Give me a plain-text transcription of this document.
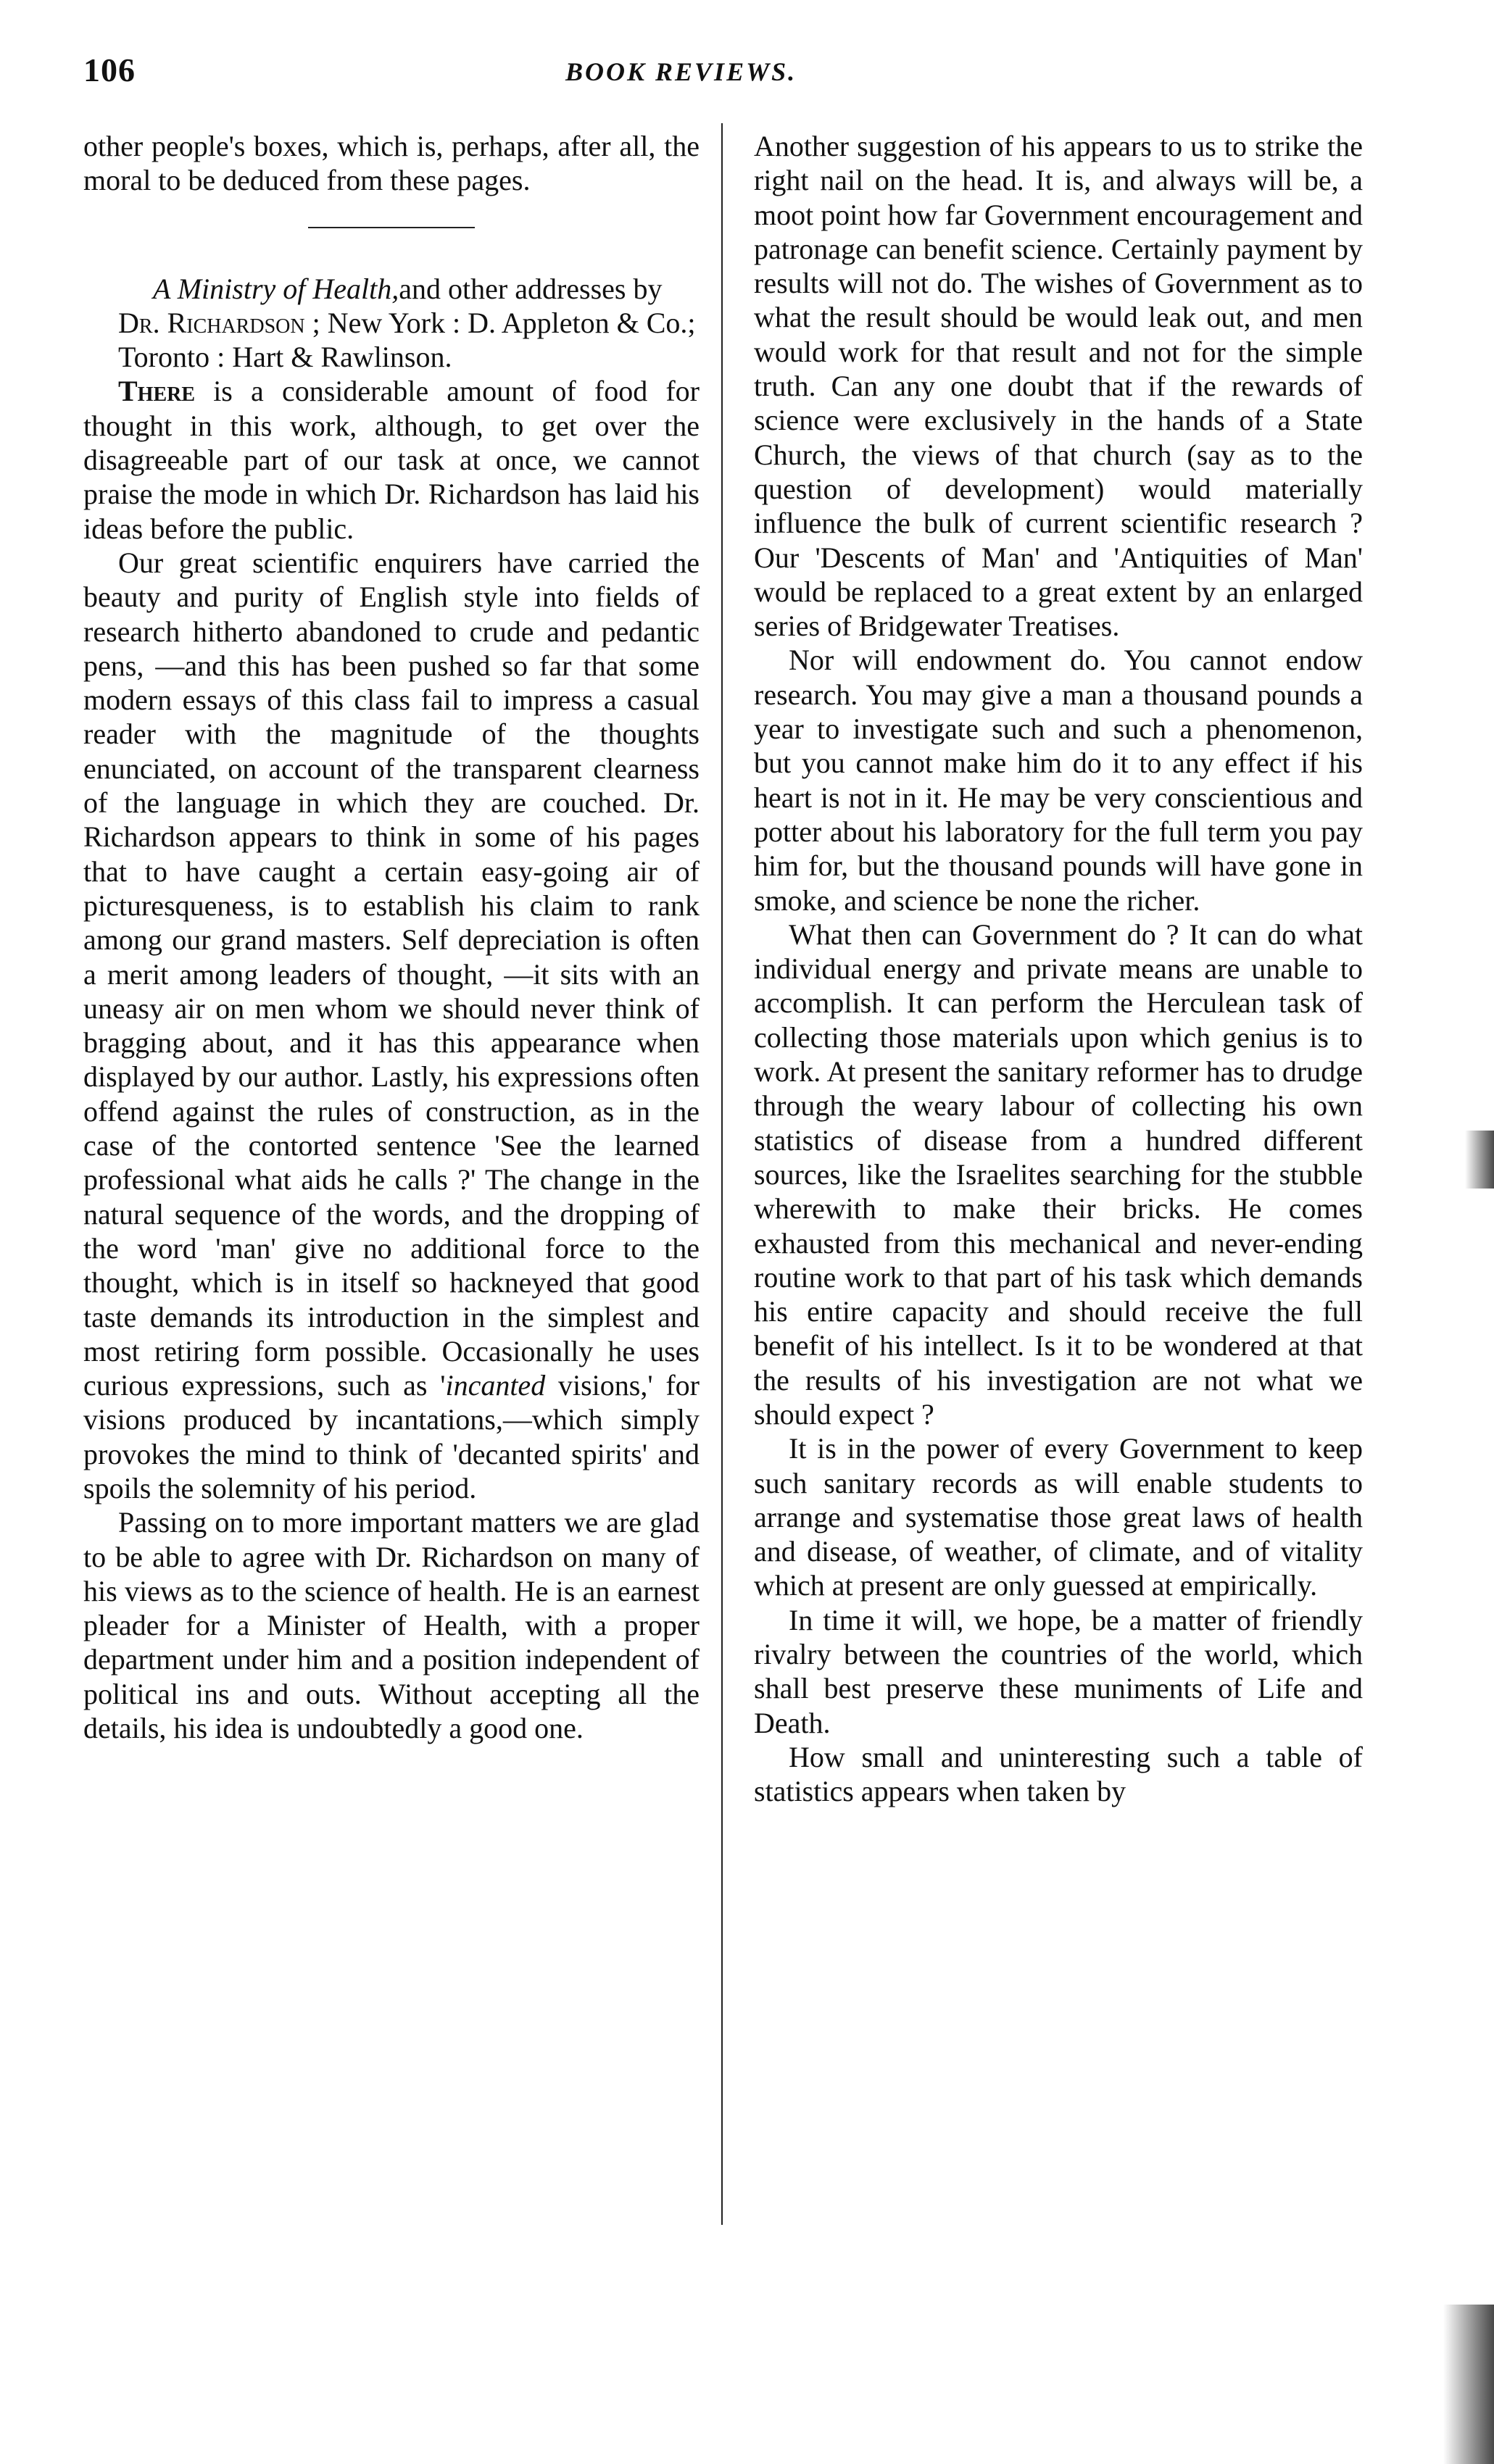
106	BOOK REVIEWS.

other people's boxes, which is, perhaps, after all, the moral to be deduced from these pages.

A Ministry of Health,and other addresses by Dr. Richardson ; New York : D. Appleton & Co.; Toronto : Hart & Rawlinson.

There is a considerable amount of food for thought in this work, although, to get over the disagreeable part of our task at once, we cannot praise the mode in which Dr. Richardson has laid his ideas before the public.

Our great scientific enquirers have carried the beauty and purity of English style into fields of research hitherto abandoned to crude and pedantic pens, —and this has been pushed so far that some modern essays of this class fail to impress a casual reader with the magnitude of the thoughts enunciated, on account of the transparent clearness of the language in which they are couched. Dr. Richardson appears to think in some of his pages that to have caught a certain easy-going air of picturesqueness, is to establish his claim to rank among our grand masters. Self depreciation is often a merit among leaders of thought, —it sits with an uneasy air on men whom we should never think of bragging about, and it has this appearance when displayed by our author. Lastly, his expressions often offend against the rules of construction, as in the case of the contorted sentence 'See the learned professional what aids he calls ?' The change in the natural sequence of the words, and the dropping of the word 'man' give no additional force to the thought, which is in itself so hackneyed that good taste demands its introduction in the simplest and most retiring form possible. Occasionally he uses curious expressions, such as 'incanted visions,' for visions produced by incantations,—which simply provokes the mind to think of 'decanted spirits' and spoils the solemnity of his period.

Passing on to more important matters we are glad to be able to agree with Dr. Richardson on many of his views as to the science of health. He is an earnest pleader for a Minister of Health, with a proper department under him and a position independent of political ins and outs. Without accepting all the details, his idea is undoubtedly a good one.

Another suggestion of his appears to us to strike the right nail on the head. It is, and always will be, a moot point how far Government encouragement and patronage can benefit science. Certainly payment by results will not do. The wishes of Government as to what the result should be would leak out, and men would work for that result and not for the simple truth. Can any one doubt that if the rewards of science were exclusively in the hands of a State Church, the views of that church (say as to the question of development) would materially influence the bulk of current scientific research ? Our 'Descents of Man' and 'Antiquities of Man' would be replaced to a great extent by an enlarged series of Bridgewater Treatises.

Nor will endowment do. You cannot endow research. You may give a man a thousand pounds a year to investigate such and such a phenomenon, but you cannot make him do it to any effect if his heart is not in it. He may be very conscientious and potter about his laboratory for the full term you pay him for, but the thousand pounds will have gone in smoke, and science be none the richer.

What then can Government do ? It can do what individual energy and private means are unable to accomplish. It can perform the Herculean task of collecting those materials upon which genius is to work. At present the sanitary reformer has to drudge through the weary labour of collecting his own statistics of disease from a hundred different sources, like the Israelites searching for the stubble wherewith to make their bricks. He comes exhausted from this mechanical and never-ending routine work to that part of his task which demands his entire capacity and should receive the full benefit of his intellect. Is it to be wondered at that the results of his investigation are not what we should expect ?

It is in the power of every Government to keep such sanitary records as will enable students to arrange and systematise those great laws of health and disease, of weather, of climate, and of vitality which at present are only guessed at empirically.

In time it will, we hope, be a matter of friendly rivalry between the countries of the world, which shall best preserve these muniments of Life and Death.

How small and uninteresting such a table of statistics appears when taken by
